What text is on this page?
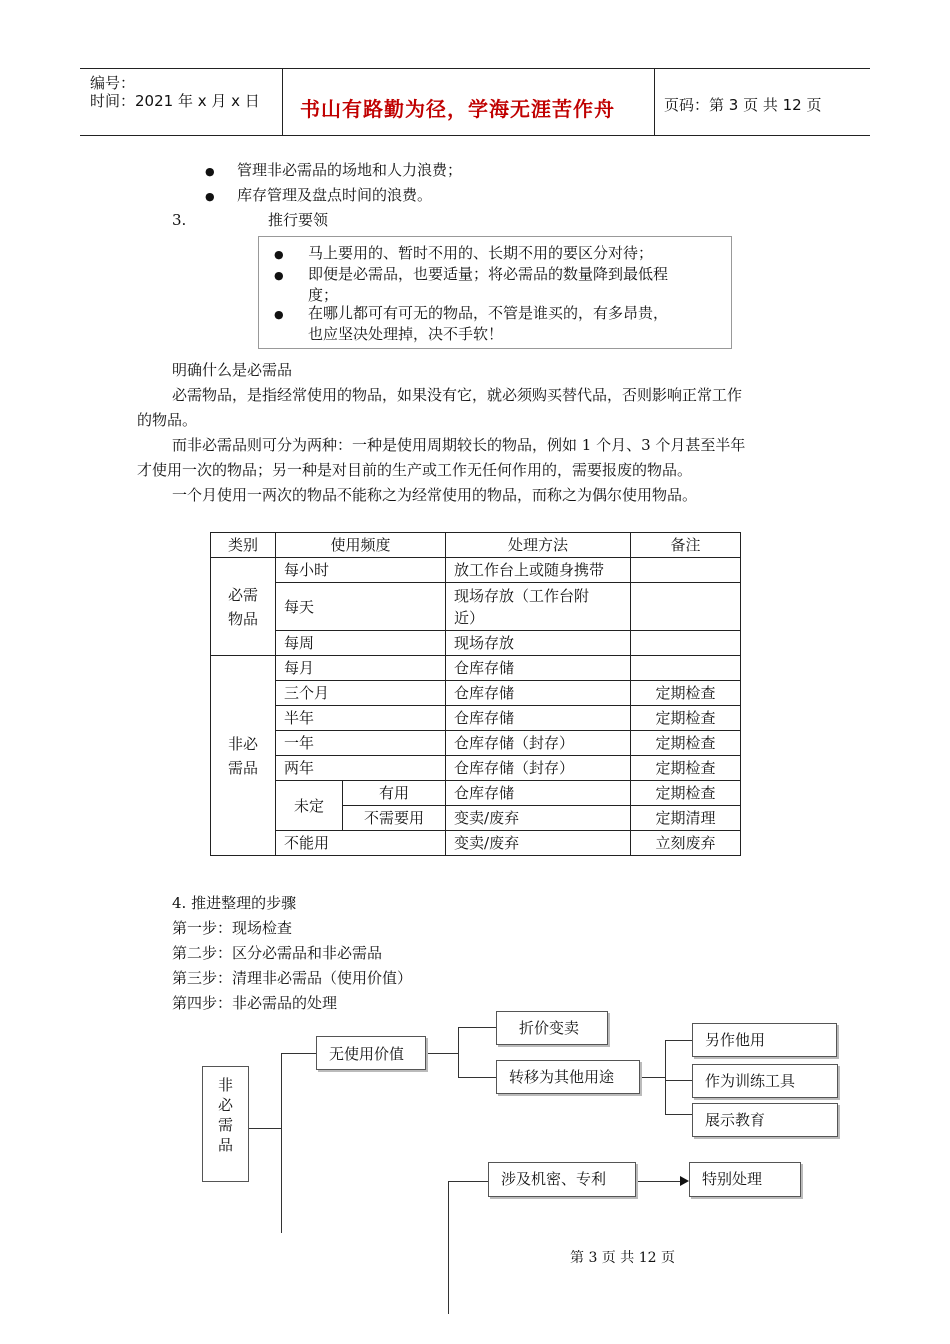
编号：
时间：2021 年 x 月 x 日 书山有路勤为径，学海无涯苦作舟	页码：第 3 页 共 12 页
● 管理非必需品的场地和人力浪费；
● 库存管理及盘点时间的浪费。
3.	推行要领
● 马上要用的、暂时不用的、长期不用的要区分对待；
● 即便是必需品，也要适量；将必需品的数量降到最低程
度；
● 在哪儿都可有可无的物品，不管是谁买的，有多昂贵，
也应坚决处理掉，决不手软！
明确什么是必需品
必需物品，是指经常使用的物品，如果没有它，就必须购买替代品，否则影响正常工作
的物品。
而非必需品则可分为两种：一种是使用周期较长的物品，例如 1 个月、3 个月甚至半年
才使用一次的物品；另一种是对目前的生产或工作无任何作用的，需要报废的物品。
一个月使用一两次的物品不能称之为经常使用的物品，而称之为偶尔使用物品。
类别	使用频度		处理方法	备注
必需
物品	每小时		放工作台上或随身携带	
	每天		现场存放（工作台附
近）	
	每周		现场存放	
非必
需品	每月		仓库存储	
	三个月		仓库存储	定期检查
	半年		仓库存储	定期检查
	一年		仓库存储（封存）	定期检查
	两年		仓库存储（封存）	定期检查
	未定	有用	仓库存储	定期检查
		不需要用	变卖/废弃	定期清理
	不能用		变卖/废弃	立刻废弃
4. 推进整理的步骤
第一步：现场检查
第二步：区分必需品和非必需品
第三步：清理非必需品（使用价值）
第四步：非必需品的处理
非
必
需
品
无使用价值
折价变卖
转移为其他用途
另作他用
作为训练工具
展示教育
涉及机密、专利	特别处理
第 3 页 共 12 页
